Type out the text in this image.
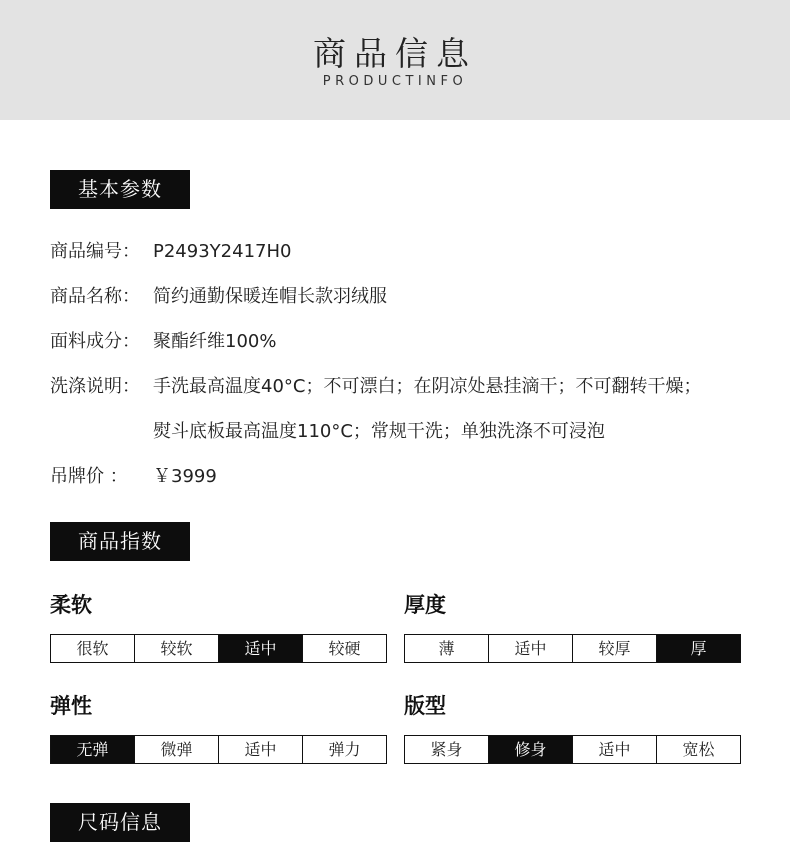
商品信息
PRODUCTINFO
基本参数
商品编号： P2493Y2417H0
商品名称： 简约通勤保暖连帽长款羽绒服
面料成分： 聚酯纤维100%
洗涤说明： 手洗最高温度40°C；不可漂白；在阴凉处悬挂滴干；不可翻转干燥；
熨斗底板最高温度110°C；常规干洗；单独洗涤不可浸泡
吊牌价 ： ￥3999
商品指数
柔软
很软	较软	适中	较硬
厚度
薄	适中	较厚	厚
弹性
无弹	微弹	适中	弹力
版型
紧身	修身	适中	宽松
尺码信息
